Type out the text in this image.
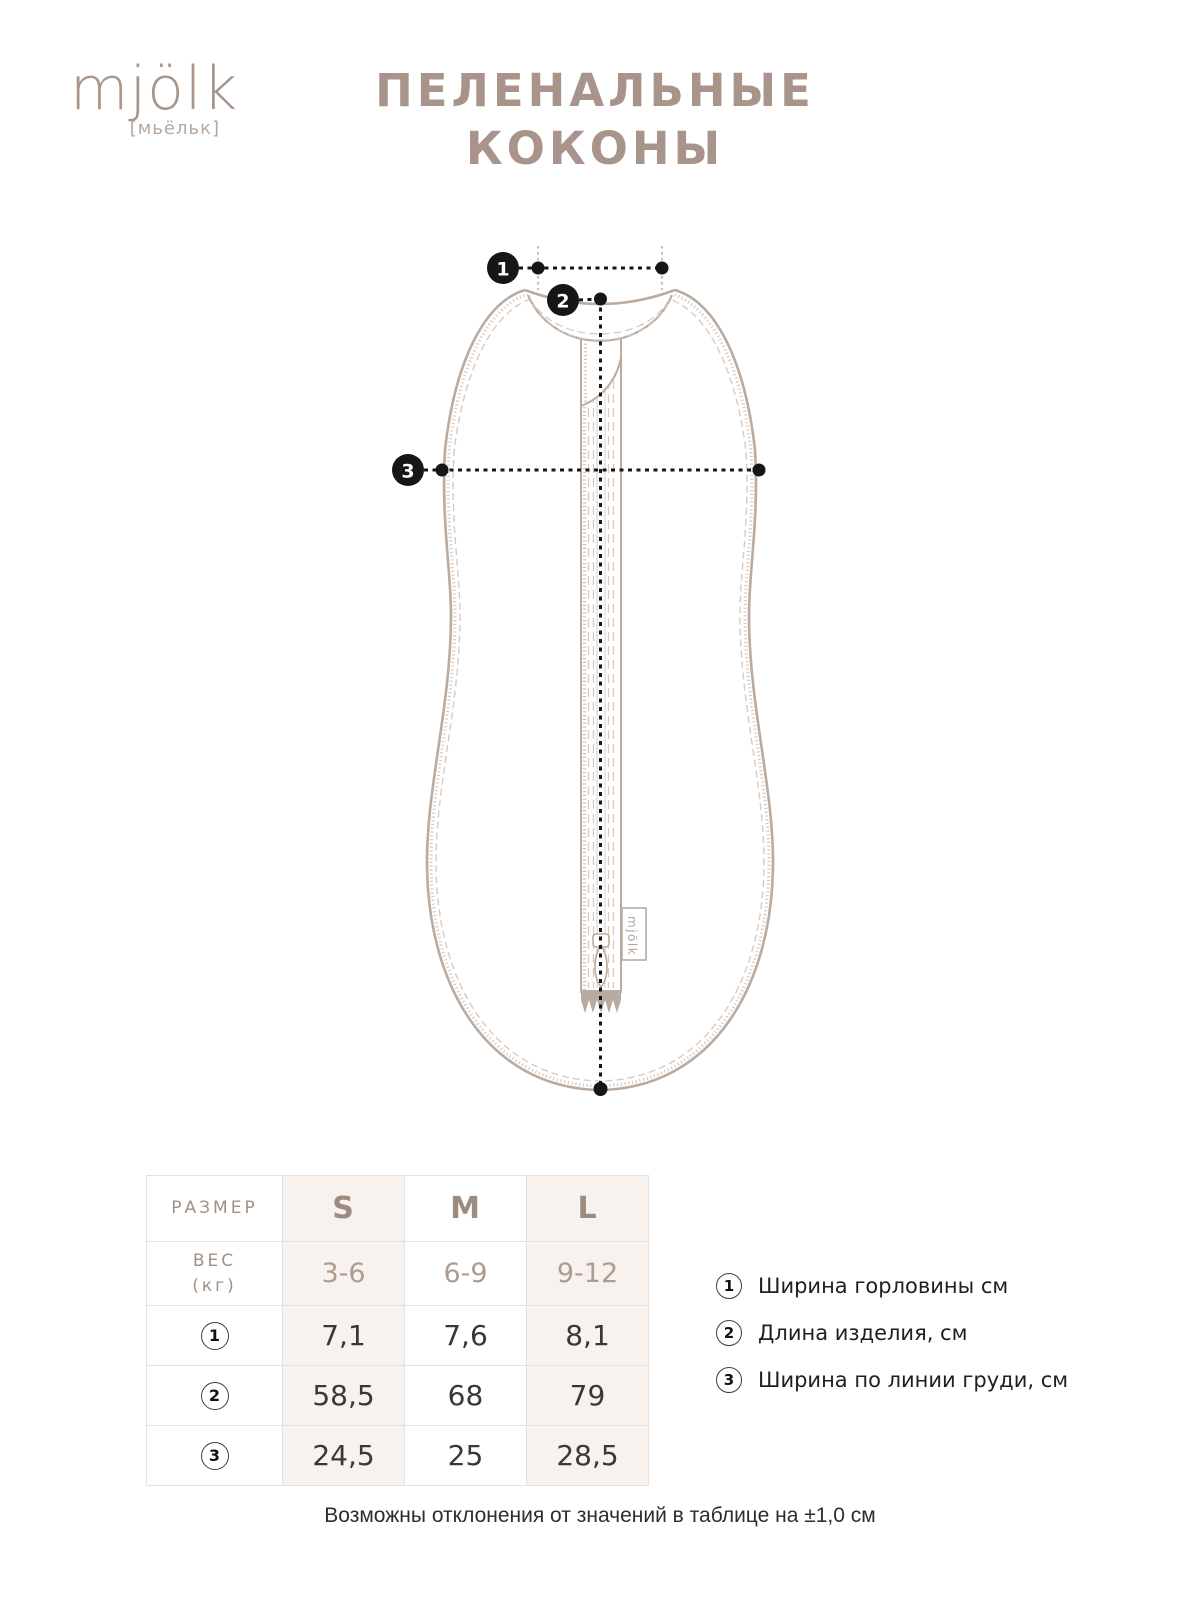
mjölk
[мьёльк]
ПЕЛЕНАЛЬНЫЕ КОКОНЫ
mjölk
1
2
3
РАЗМЕР S	M	L
ВЕС
(кг)	3-6	6-9	9-12
1	7,1	7,6	8,1
2	58,5	68	79
3	24,5	25	28,5
1	Ширина горловины см
2	Длина изделия, см
3	Ширина по линии груди, см
Возможны отклонения от значений в таблице на ±1,0 см
